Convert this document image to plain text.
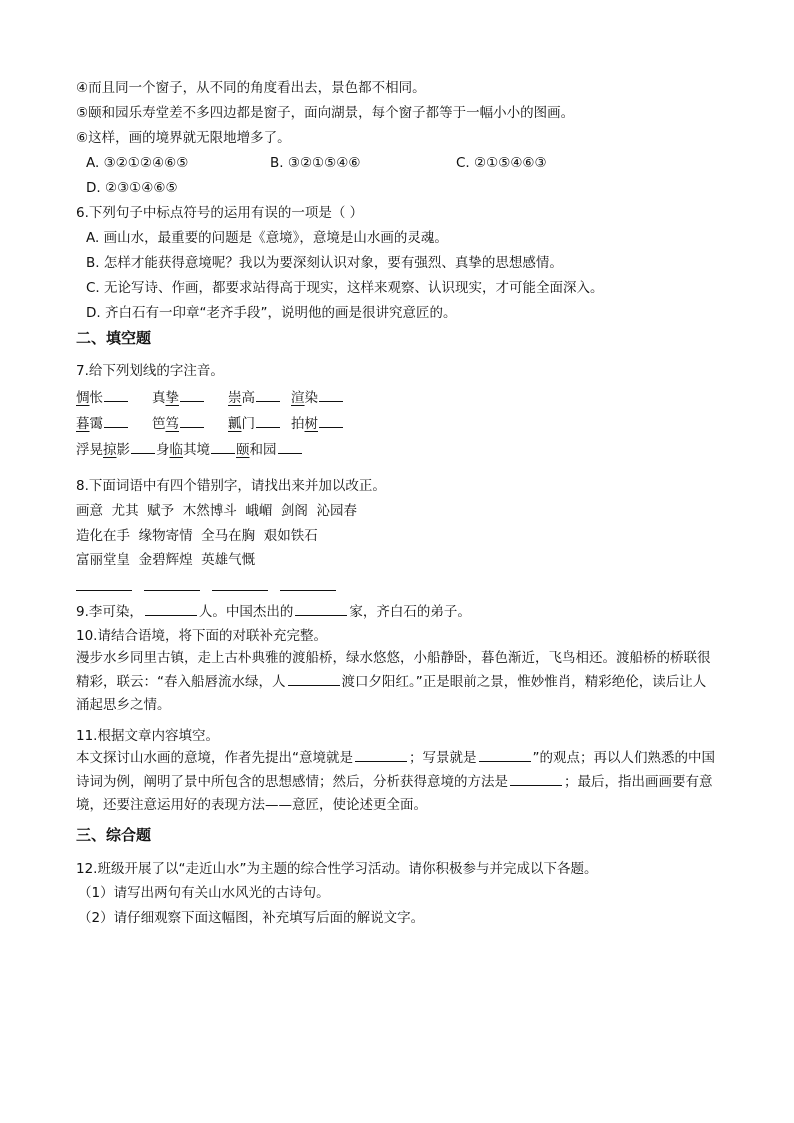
④而且同一个窗子，从不同的角度看出去，景色都不相同。
⑤颐和园乐寿堂差不多四边都是窗子，面向湖景，每个窗子都等于一幅小小的图画。
⑥这样，画的境界就无限地增多了。
A. ③②①②④⑥⑤	B. ③②①⑤④⑥	C. ②①⑤④⑥③
D. ②③①④⑥⑤
6.下列句子中标点符号的运用有误的一项是（ ）
A. 画山水，最重要的问题是《意境》，意境是山水画的灵魂。
B. 怎样才能获得意境呢？我以为要深刻认识对象，要有强烈、真挚的思想感情。
C. 无论写诗、作画，都要求站得高于现实，这样来观察、认识现实，才可能全面深入。
D. 齐白石有一印章“老齐手段”，说明他的画是很讲究意匠的。
二、填空题
7.给下列划线的字注音。
惆怅	真挚	崇高	渲染
暮霭	笆笃	瓤门	拍树
浮晃掠影 身临其境 颐和园
8.下面词语中有四个错别字，请找出来并加以改正。
画意  尤其  赋予  木然博斗  峨嵋  剑阁  沁园春
造化在手  缘物寄情  全马在胸  艰如铁石
富丽堂皇  金碧辉煌  英雄气慨
9.李可染，	人。中国杰出的	家，齐白石的弟子。
10.请结合语境，将下面的对联补充完整。
漫步水乡同里古镇，走上古朴典雅的渡船桥，绿水悠悠，小船静卧，暮色渐近，飞鸟相还。渡船桥的桥联很精彩，联云：“春入船唇流水绿，人	渡口夕阳红。”正是眼前之景，惟妙惟肖，精彩绝伦，读后让人涌起思乡之情。
11.根据文章内容填空。
本文探讨山水画的意境，作者先提出“意境就是	；写景就是	”的观点；再以人们熟悉的中国诗词为例，阐明了景中所包含的思想感情；然后，分析获得意境的方法是	；最后，指出画画要有意境，还要注意运用好的表现方法——意匠，使论述更全面。
三、综合题
12.班级开展了以“走近山水”为主题的综合性学习活动。请你积极参与并完成以下各题。
（1）请写出两句有关山水风光的古诗句。
（2）请仔细观察下面这幅图，补充填写后面的解说文字。
